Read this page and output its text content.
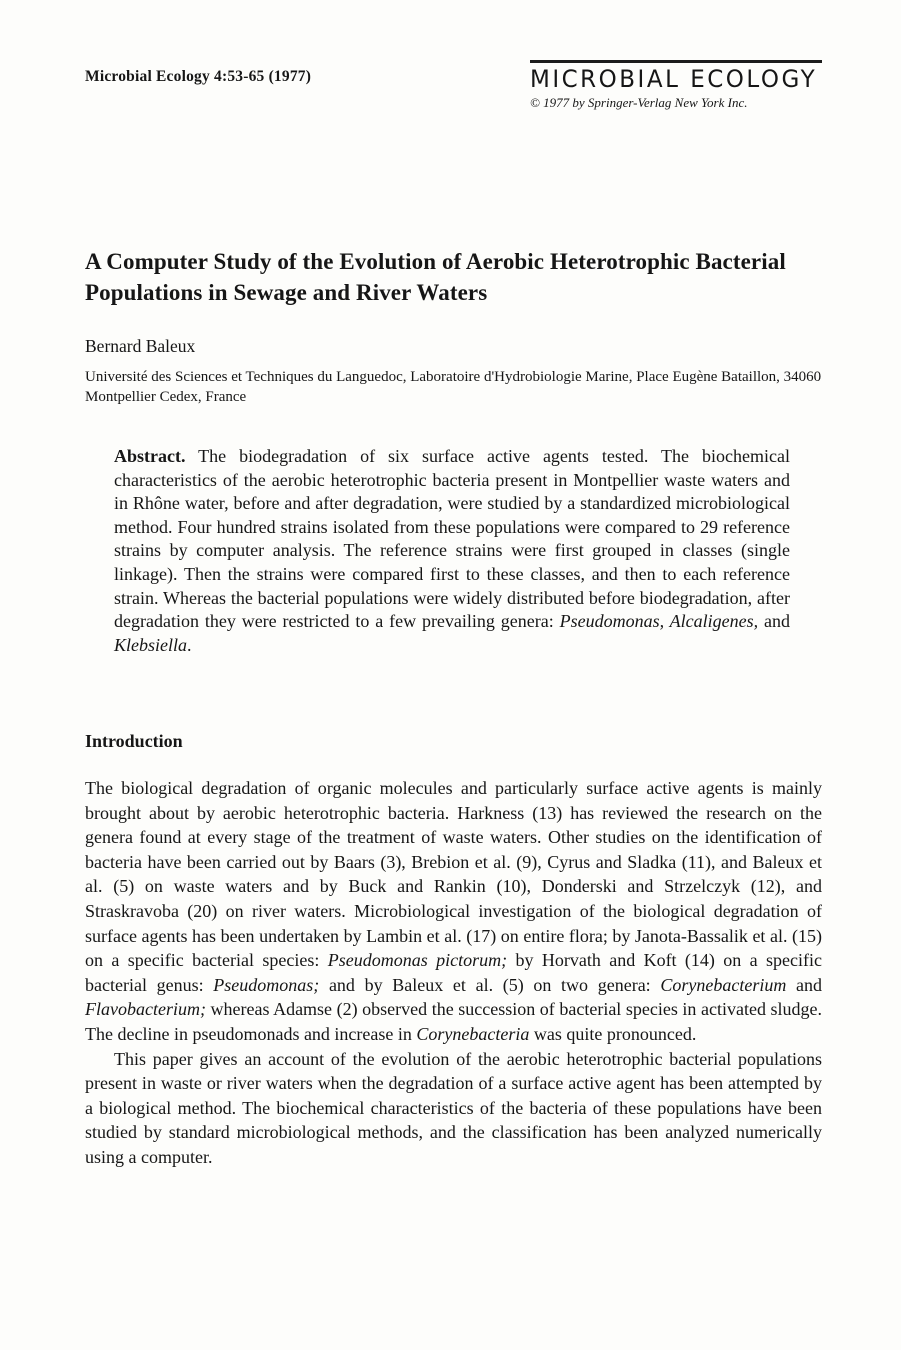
Microbial Ecology 4:53-65 (1977)	MICROBIAL ECOLOGY
© 1977 by Springer-Verlag New York Inc.
A Computer Study of the Evolution of Aerobic Heterotrophic Bacterial Populations in Sewage and River Waters
Bernard Baleux
Université des Sciences et Techniques du Languedoc, Laboratoire d'Hydrobiologie Marine, Place Eugène Bataillon, 34060 Montpellier Cedex, France
Abstract. The biodegradation of six surface active agents tested. The biochemical characteristics of the aerobic heterotrophic bacteria present in Montpellier waste waters and in Rhône water, before and after degradation, were studied by a standardized microbiological method. Four hundred strains isolated from these populations were compared to 29 reference strains by computer analysis. The reference strains were first grouped in classes (single linkage). Then the strains were compared first to these classes, and then to each reference strain. Whereas the bacterial populations were widely distributed before biodegradation, after degradation they were restricted to a few prevailing genera: Pseudomonas, Alcaligenes, and Klebsiella.
Introduction

The biological degradation of organic molecules and particularly surface active agents is mainly brought about by aerobic heterotrophic bacteria. Harkness (13) has reviewed the research on the genera found at every stage of the treatment of waste waters. Other studies on the identification of bacteria have been carried out by Baars (3), Brebion et al. (9), Cyrus and Sladka (11), and Baleux et al. (5) on waste waters and by Buck and Rankin (10), Donderski and Strzelczyk (12), and Straskravoba (20) on river waters. Microbiological investigation of the biological degradation of surface agents has been undertaken by Lambin et al. (17) on entire flora; by Janota-Bassalik et al. (15) on a specific bacterial species: Pseudomonas pictorum; by Horvath and Koft (14) on a specific bacterial genus: Pseudomonas; and by Baleux et al. (5) on two genera: Corynebacterium and Flavobacterium; whereas Adamse (2) observed the succession of bacterial species in activated sludge. The decline in pseudomonads and increase in Corynebacteria was quite pronounced.

This paper gives an account of the evolution of the aerobic heterotrophic bacterial populations present in waste or river waters when the degradation of a surface active agent has been attempted by a biological method. The biochemical characteristics of the bacteria of these populations have been studied by standard microbiological methods, and the classification has been analyzed numerically using a computer.
